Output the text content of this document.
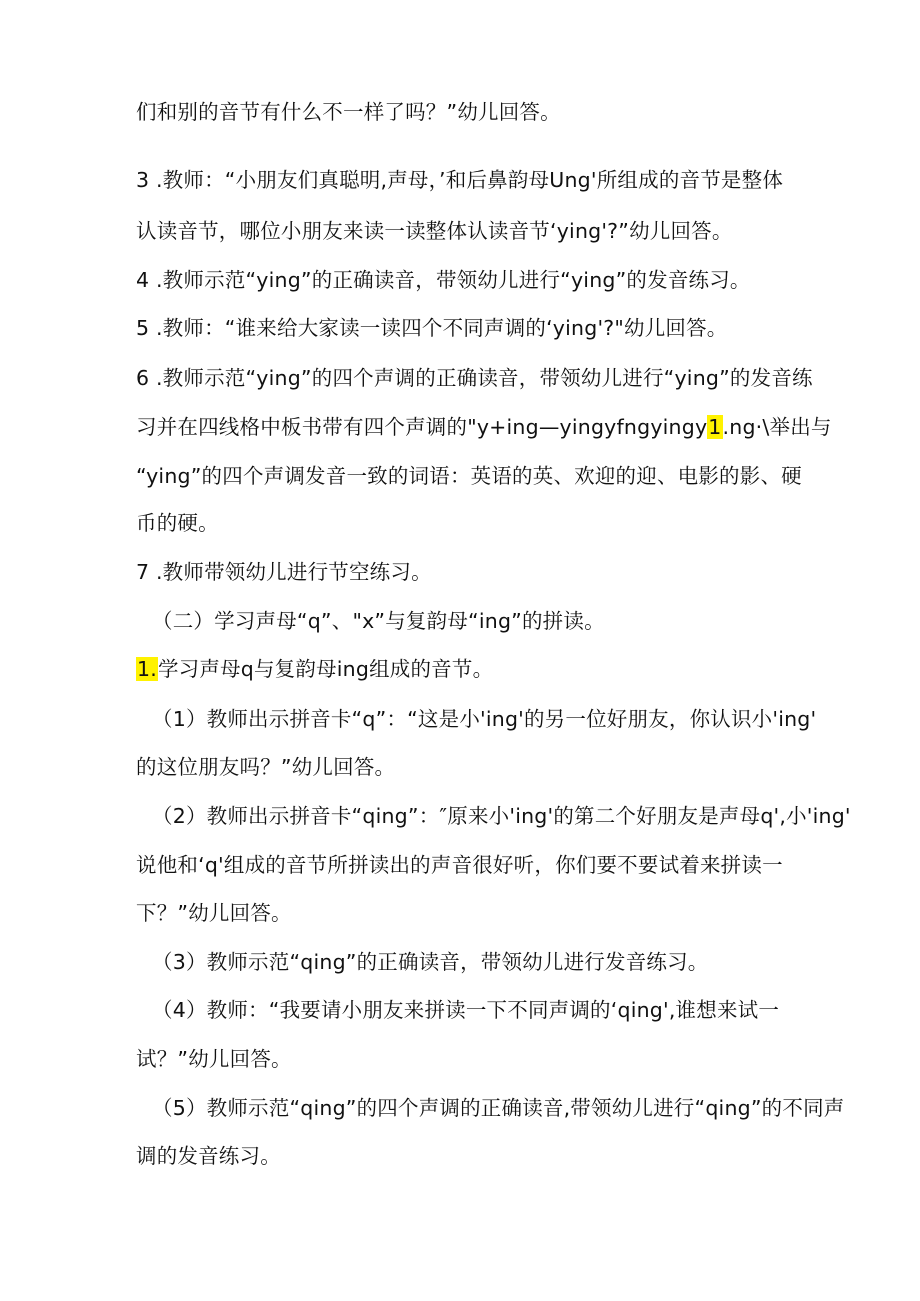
们和别的音节有什么不一样了吗？”幼儿回答。
3 .教师：“小朋友们真聪明,声母，’和后鼻韵母Ung'所组成的音节是整体
认读音节，哪位小朋友来读一读整体认读音节‘ying'?”幼儿回答。
4 .教师示范“ying”的正确读音，带领幼儿进行“ying”的发音练习。
5 .教师：“谁来给大家读一读四个不同声调的‘ying'?"幼儿回答。
6 .教师示范“ying”的四个声调的正确读音，带领幼儿进行“ying”的发音练
习并在四线格中板书带有四个声调的"y+ing—yingyfngyingy1.ng·\举出与
“ying”的四个声调发音一致的词语：英语的英、欢迎的迎、电影的影、硬
币的硬。
7 .教师带领幼儿进行节空练习。
（二）学习声母“q”、"x”与复韵母“ing”的拼读。
1.学习声母q与复韵母ing组成的音节。
（1）教师出示拼音卡“q”：“这是小'ing'的另一位好朋友，你认识小'ing'
的这位朋友吗？”幼儿回答。
（2）教师出示拼音卡“qing”：″原来小'ing'的第二个好朋友是声母q',小'ing'
说他和‘q'组成的音节所拼读出的声音很好听，你们要不要试着来拼读一
下？”幼儿回答。
（3）教师示范“qing”的正确读音，带领幼儿进行发音练习。
（4）教师：“我要请小朋友来拼读一下不同声调的‘qing',谁想来试一
试？”幼儿回答。
（5）教师示范“qing”的四个声调的正确读音,带领幼儿进行“qing”的不同声
调的发音练习。
